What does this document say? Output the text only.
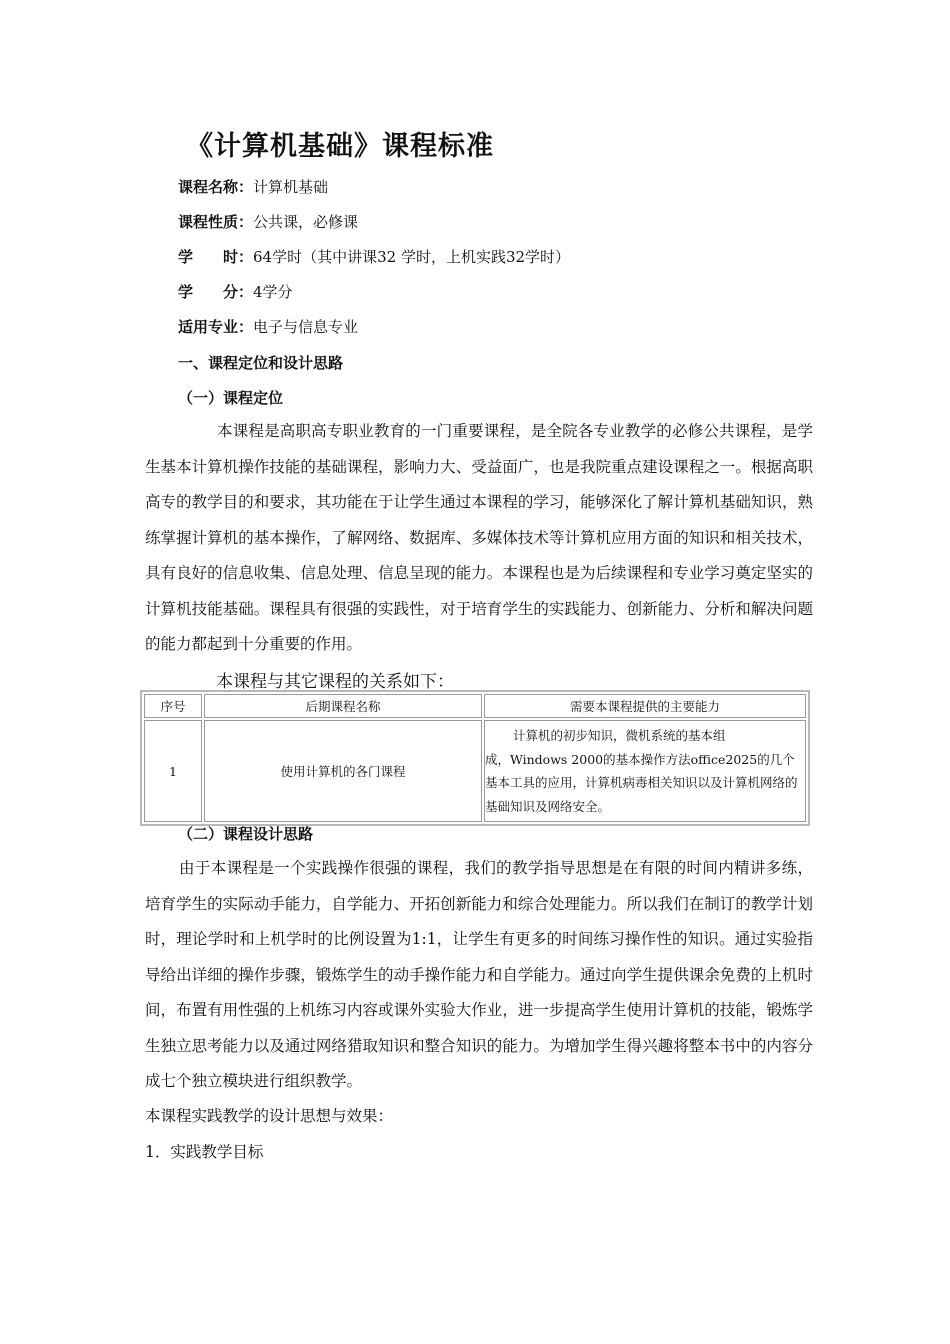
《计算机基础》课程标准
课程名称：计算机基础
课程性质：公共课，必修课
学　　时：64学时（其中讲课32 学时，上机实践32学时）
学　　分：4学分
适用专业：电子与信息专业
一、课程定位和设计思路
（一）课程定位
本课程是高职高专职业教育的一门重要课程，是全院各专业教学的必修公共课程，是学生基本计算机操作技能的基础课程，影响力大、受益面广，也是我院重点建设课程之一。根据高职高专的教学目的和要求，其功能在于让学生通过本课程的学习，能够深化了解计算机基础知识，熟练掌握计算机的基本操作，了解网络、数据库、多媒体技术等计算机应用方面的知识和相关技术，具有良好的信息收集、信息处理、信息呈现的能力。本课程也是为后续课程和专业学习奠定坚实的计算机技能基础。课程具有很强的实践性，对于培育学生的实践能力、创新能力、分析和解决问题的能力都起到十分重要的作用。
本课程与其它课程的关系如下：
序号	后期课程名称	需要本课程提供的主要能力
1	使用计算机的各门课程	计算机的初步知识，微机系统的基本组
成，Windows 2000的基本操作方法office2025的几个基本工具的应用，计算机病毒相关知识以及计算机网络的基础知识及网络安全。
（二）课程设计思路
由于本课程是一个实践操作很强的课程，我们的教学指导思想是在有限的时间内精讲多练，培育学生的实际动手能力，自学能力、开拓创新能力和综合处理能力。所以我们在制订的教学计划时，理论学时和上机学时的比例设置为1:1，让学生有更多的时间练习操作性的知识。通过实验指导给出详细的操作步骤，锻炼学生的动手操作能力和自学能力。通过向学生提供课余免费的上机时间，布置有用性强的上机练习内容或课外实验大作业，进一步提高学生使用计算机的技能，锻炼学生独立思考能力以及通过网络猎取知识和整合知识的能力。为增加学生得兴趣将整本书中的内容分成七个独立模块进行组织教学。
本课程实践教学的设计思想与效果：
1．实践教学目标
